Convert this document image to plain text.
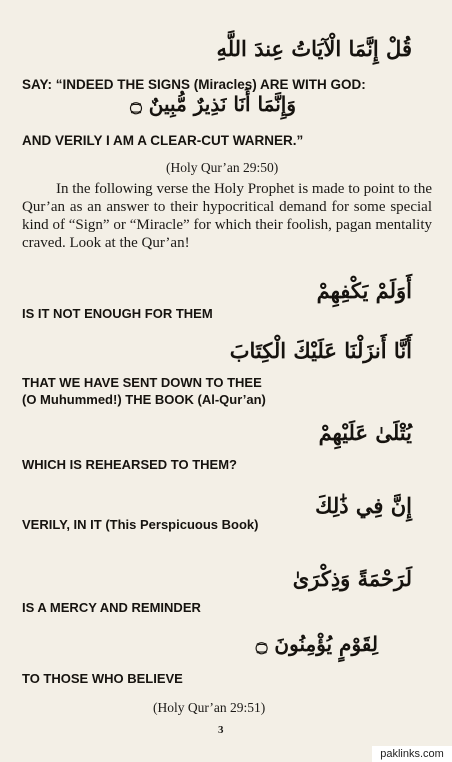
قُلْ إِنَّمَا الْآيَاتُ عِندَ اللَّهِ
SAY: “INDEED THE SIGNS (Miracles) ARE WITH GOD:
وَإِنَّمَا أَنَا نَذِيرٌ مُّبِينٌ ۝
AND VERILY I AM A CLEAR-CUT WARNER.”
(Holy Qur’an 29:50)
In the following verse the Holy Prophet is made to point to the Qur’an as an answer to their hypocritical demand for some special kind of “Sign” or “Miracle” for which their foolish, pagan mentality craved. Look at the Qur’an!
أَوَلَمْ يَكْفِهِمْ
IS IT NOT ENOUGH FOR THEM
أَنَّا أَنزَلْنَا عَلَيْكَ الْكِتَابَ
THAT WE HAVE SENT DOWN TO THEE
(O Muhummed!) THE BOOK (Al-Qur’an)
يُتْلَىٰ عَلَيْهِمْ
WHICH IS REHEARSED TO THEM?
إِنَّ فِي ذَٰلِكَ
VERILY, IN IT (This Perspicuous Book)
لَرَحْمَةً وَذِكْرَىٰ
IS A MERCY AND REMINDER
لِقَوْمٍ يُؤْمِنُونَ ۝
TO THOSE WHO BELIEVE
(Holy Qur’an 29:51)
3
paklinks.com
